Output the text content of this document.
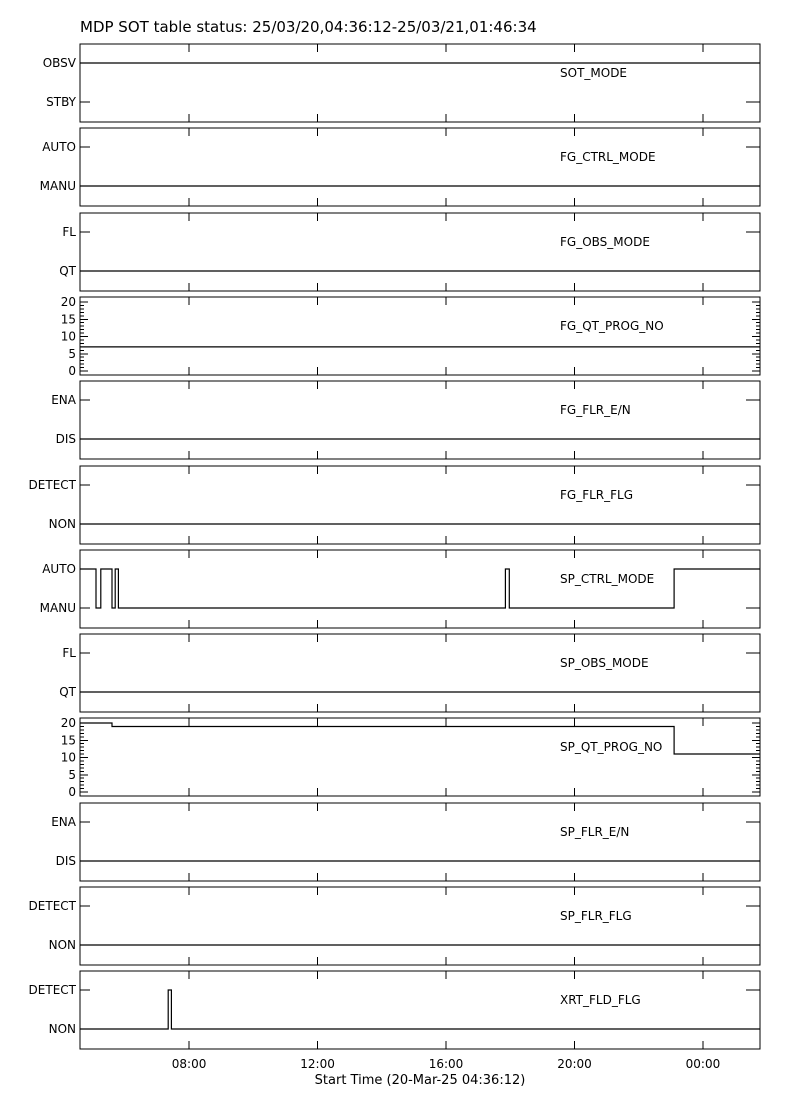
MDP SOT table status: 25/03/20,04:36:12-25/03/21,01:46:34
SOT_MODE
OBSV
STBY
FG_CTRL_MODE
AUTO
MANU
FG_OBS_MODE
FL
QT
FG_QT_PROG_NO
0
5
10
15
20
FG_FLR_E/N
ENA
DIS
FG_FLR_FLG
DETECT
NON
SP_CTRL_MODE
AUTO
MANU
SP_OBS_MODE
FL
QT
SP_QT_PROG_NO
0
5
10
15
20
SP_FLR_E/N
ENA
DIS
SP_FLR_FLG
DETECT
NON
XRT_FLD_FLG
DETECT
NON
08:00	12:00	16:00	20:00	00:00
Start Time (20-Mar-25 04:36:12)
